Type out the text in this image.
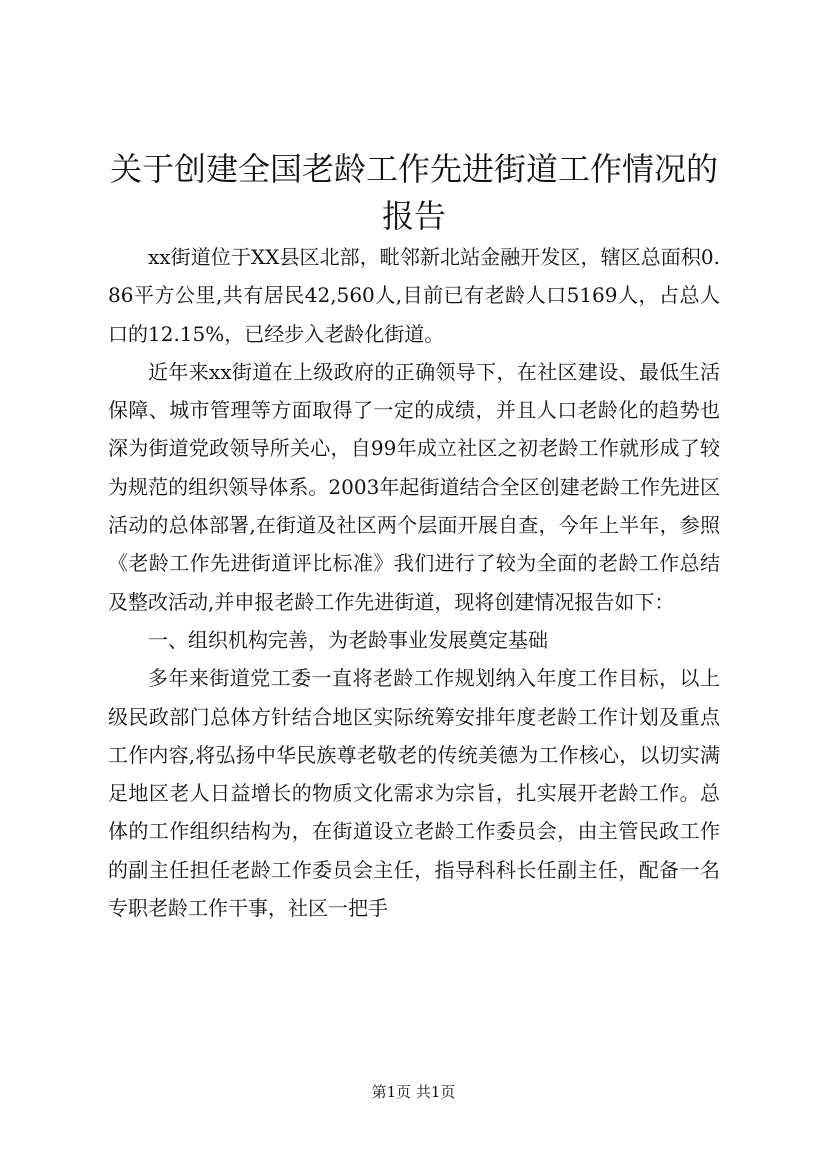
关于创建全国老龄工作先进街道工作情况的报告

xx街道位于XX县区北部，毗邻新北站金融开发区，辖区总面积0.86平方公里,共有居民42,560人,目前已有老龄人口5169人，占总人口的12.15%，已经步入老龄化街道。

近年来xx街道在上级政府的正确领导下，在社区建设、最低生活保障、城市管理等方面取得了一定的成绩，并且人口老龄化的趋势也深为街道党政领导所关心，自99年成立社区之初老龄工作就形成了较为规范的组织领导体系。2003年起街道结合全区创建老龄工作先进区活动的总体部署,在街道及社区两个层面开展自查，今年上半年，参照《老龄工作先进街道评比标准》我们进行了较为全面的老龄工作总结及整改活动,并申报老龄工作先进街道，现将创建情况报告如下：

一、组织机构完善，为老龄事业发展奠定基础

多年来街道党工委一直将老龄工作规划纳入年度工作目标，以上级民政部门总体方针结合地区实际统筹安排年度老龄工作计划及重点工作内容,将弘扬中华民族尊老敬老的传统美德为工作核心，以切实满足地区老人日益增长的物质文化需求为宗旨，扎实展开老龄工作。总体的工作组织结构为，在街道设立老龄工作委员会，由主管民政工作的副主任担任老龄工作委员会主任，指导科科长任副主任，配备一名专职老龄工作干事，社区一把手

第1页 共1页
